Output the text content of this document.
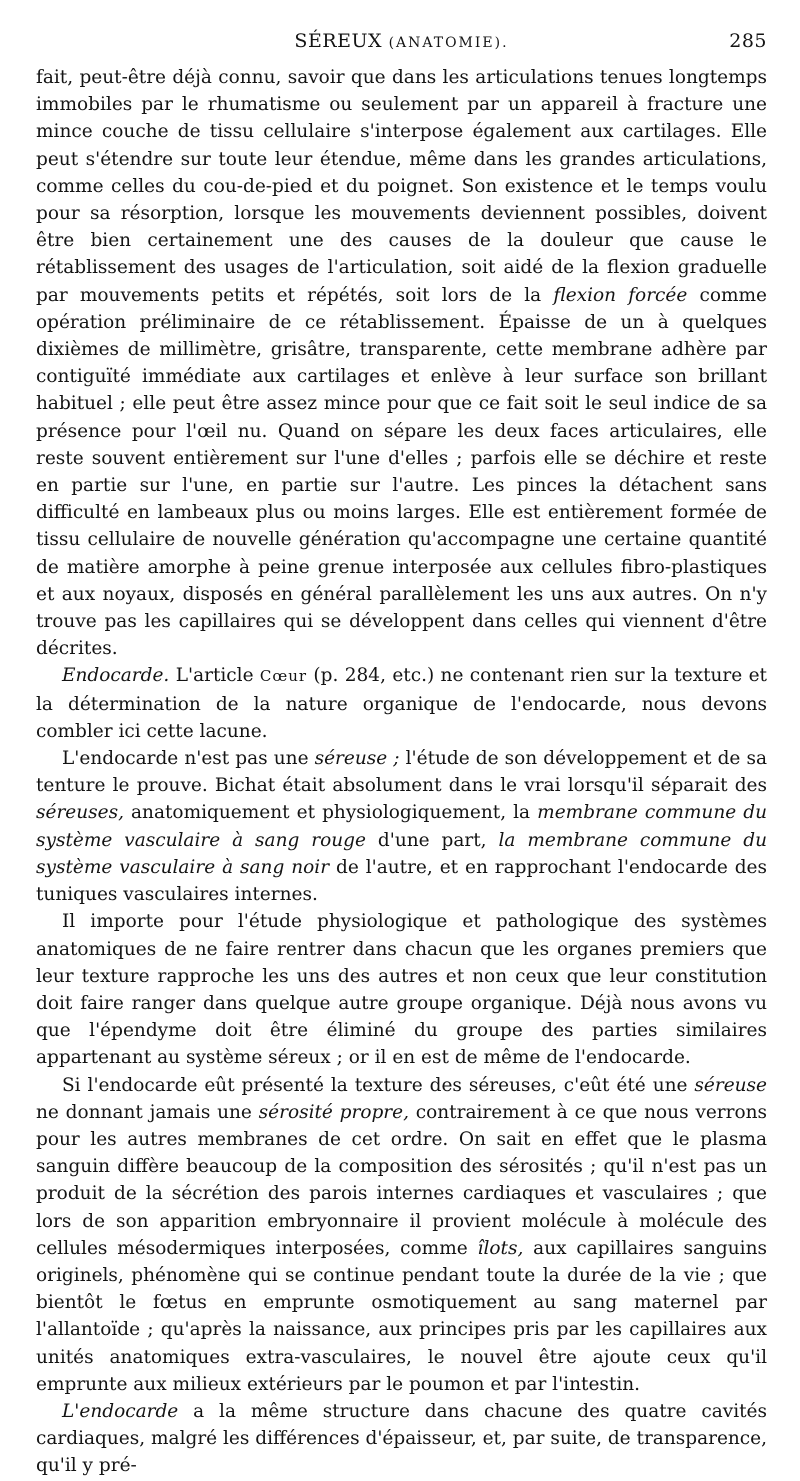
SÉREUX (ANATOMIE).	285

fait, peut-être déjà connu, savoir que dans les articulations tenues longtemps immobiles par le rhumatisme ou seulement par un appareil à fracture une mince couche de tissu cellulaire s'interpose également aux cartilages. Elle peut s'étendre sur toute leur étendue, même dans les grandes articulations, comme celles du cou-de-pied et du poignet. Son existence et le temps voulu pour sa résorption, lorsque les mouvements deviennent possibles, doivent être bien certainement une des causes de la douleur que cause le rétablissement des usages de l'articulation, soit aidé de la flexion graduelle par mouvements petits et répétés, soit lors de la flexion forcée comme opération préliminaire de ce rétablissement. Épaisse de un à quelques dixièmes de millimètre, grisâtre, transparente, cette membrane adhère par contiguïté immédiate aux cartilages et enlève à leur surface son brillant habituel ; elle peut être assez mince pour que ce fait soit le seul indice de sa présence pour l'œil nu. Quand on sépare les deux faces articulaires, elle reste souvent entièrement sur l'une d'elles ; parfois elle se déchire et reste en partie sur l'une, en partie sur l'autre. Les pinces la détachent sans difficulté en lambeaux plus ou moins larges. Elle est entièrement formée de tissu cellulaire de nouvelle génération qu'accompagne une certaine quantité de matière amorphe à peine grenue interposée aux cellules fibro-plastiques et aux noyaux, disposés en général parallèlement les uns aux autres. On n'y trouve pas les capillaires qui se développent dans celles qui viennent d'être décrites.

Endocarde. L'article Cœur (p. 284, etc.) ne contenant rien sur la texture et la détermination de la nature organique de l'endocarde, nous devons combler ici cette lacune.

L'endocarde n'est pas une séreuse ; l'étude de son développement et de sa tenture le prouve. Bichat était absolument dans le vrai lorsqu'il séparait des séreuses, anatomiquement et physiologiquement, la membrane commune du système vasculaire à sang rouge d'une part, la membrane commune du système vasculaire à sang noir de l'autre, et en rapprochant l'endocarde des tuniques vasculaires internes.

Il importe pour l'étude physiologique et pathologique des systèmes anatomiques de ne faire rentrer dans chacun que les organes premiers que leur texture rapproche les uns des autres et non ceux que leur constitution doit faire ranger dans quelque autre groupe organique. Déjà nous avons vu que l'épendyme doit être éliminé du groupe des parties similaires appartenant au système séreux ; or il en est de même de l'endocarde.

Si l'endocarde eût présenté la texture des séreuses, c'eût été une séreuse ne donnant jamais une sérosité propre, contrairement à ce que nous verrons pour les autres membranes de cet ordre. On sait en effet que le plasma sanguin diffère beaucoup de la composition des sérosités ; qu'il n'est pas un produit de la sécrétion des parois internes cardiaques et vasculaires ; que lors de son apparition embryonnaire il provient molécule à molécule des cellules mésodermiques interposées, comme îlots, aux capillaires sanguins originels, phénomène qui se continue pendant toute la durée de la vie ; que bientôt le fœtus en emprunte osmotiquement au sang maternel par l'allantoïde ; qu'après la naissance, aux principes pris par les capillaires aux unités anatomiques extra-vasculaires, le nouvel être ajoute ceux qu'il emprunte aux milieux extérieurs par le poumon et par l'intestin.

L'endocarde a la même structure dans chacune des quatre cavités cardiaques, malgré les différences d'épaisseur, et, par suite, de transparence, qu'il y pré-
